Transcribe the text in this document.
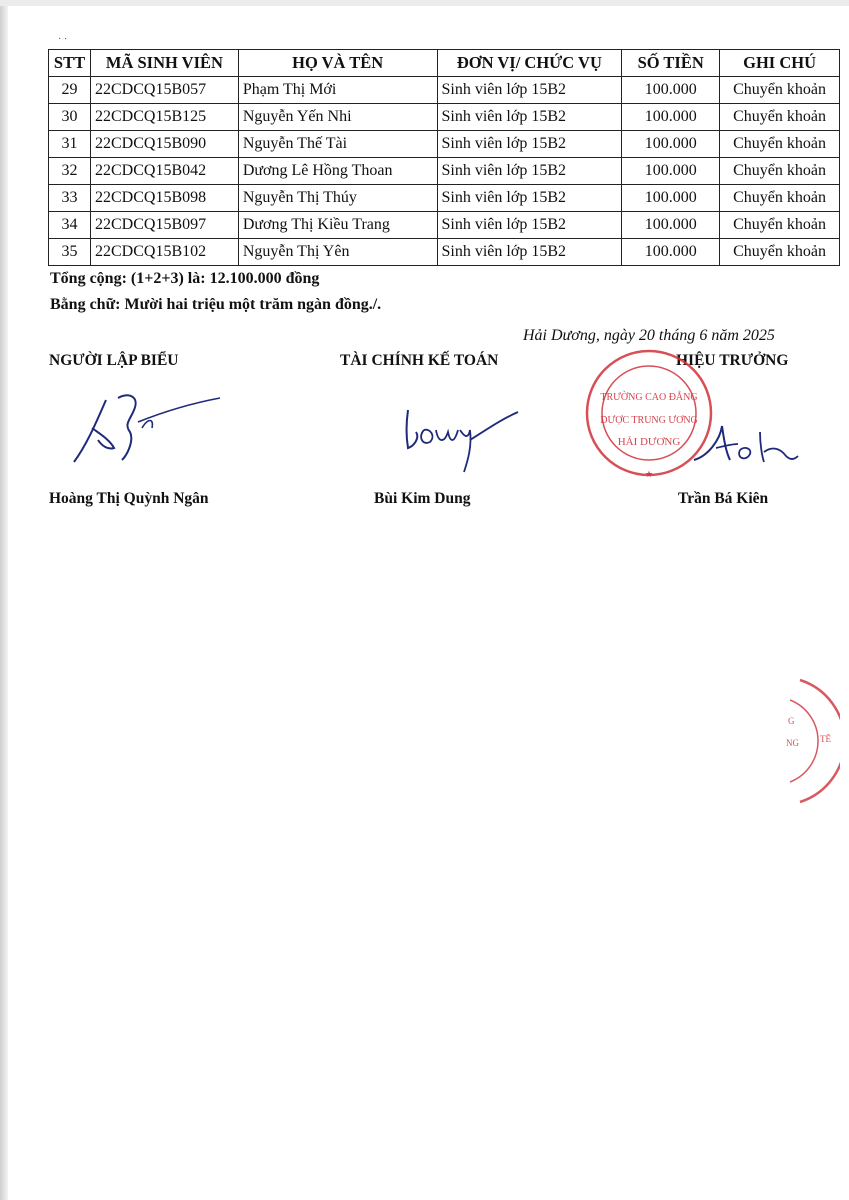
· ⋅
STT	MÃ SINH VIÊN	HỌ VÀ TÊN	ĐƠN VỊ/ CHỨC VỤ	SỐ TIỀN	GHI CHÚ
29	22CDCQ15B057	Phạm Thị Mới	Sinh viên lớp 15B2	100.000	Chuyển khoản
30	22CDCQ15B125	Nguyễn Yến Nhi	Sinh viên lớp 15B2	100.000	Chuyển khoản
31	22CDCQ15B090	Nguyễn Thế Tài	Sinh viên lớp 15B2	100.000	Chuyển khoản
32	22CDCQ15B042	Dương Lê Hồng Thoan	Sinh viên lớp 15B2	100.000	Chuyển khoản
33	22CDCQ15B098	Nguyễn Thị Thúy	Sinh viên lớp 15B2	100.000	Chuyển khoản
34	22CDCQ15B097	Dương Thị Kiều Trang	Sinh viên lớp 15B2	100.000	Chuyển khoản
35	22CDCQ15B102	Nguyễn Thị Yên	Sinh viên lớp 15B2	100.000	Chuyển khoản
Tổng cộng: (1+2+3) là: 12.100.000 đồng
Bằng chữ: Mười hai triệu một trăm ngàn đồng./.
Hải Dương, ngày 20 tháng 6 năm 2025
NGƯỜI LẬP BIỂU	TÀI CHÍNH KẾ TOÁN	HIỆU TRƯỞNG
TRƯỜNG CAO ĐẲNG
DƯỢC TRUNG ƯƠNG
HẢI DƯƠNG
★
Hoàng Thị Quỳnh Ngân	Bùi Kim Dung	Trần Bá Kiên
G
NG TẾ
